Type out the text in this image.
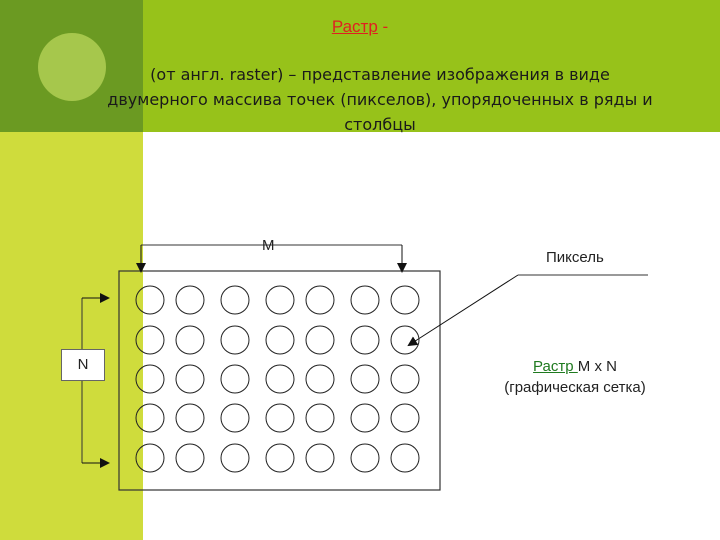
Растр -
(от англ. raster) – представление изображения в виде двумерного массива точек (пикселов), упорядоченных в ряды и столбцы
M
N
Пиксель
Растр M x N
(графическая сетка)
